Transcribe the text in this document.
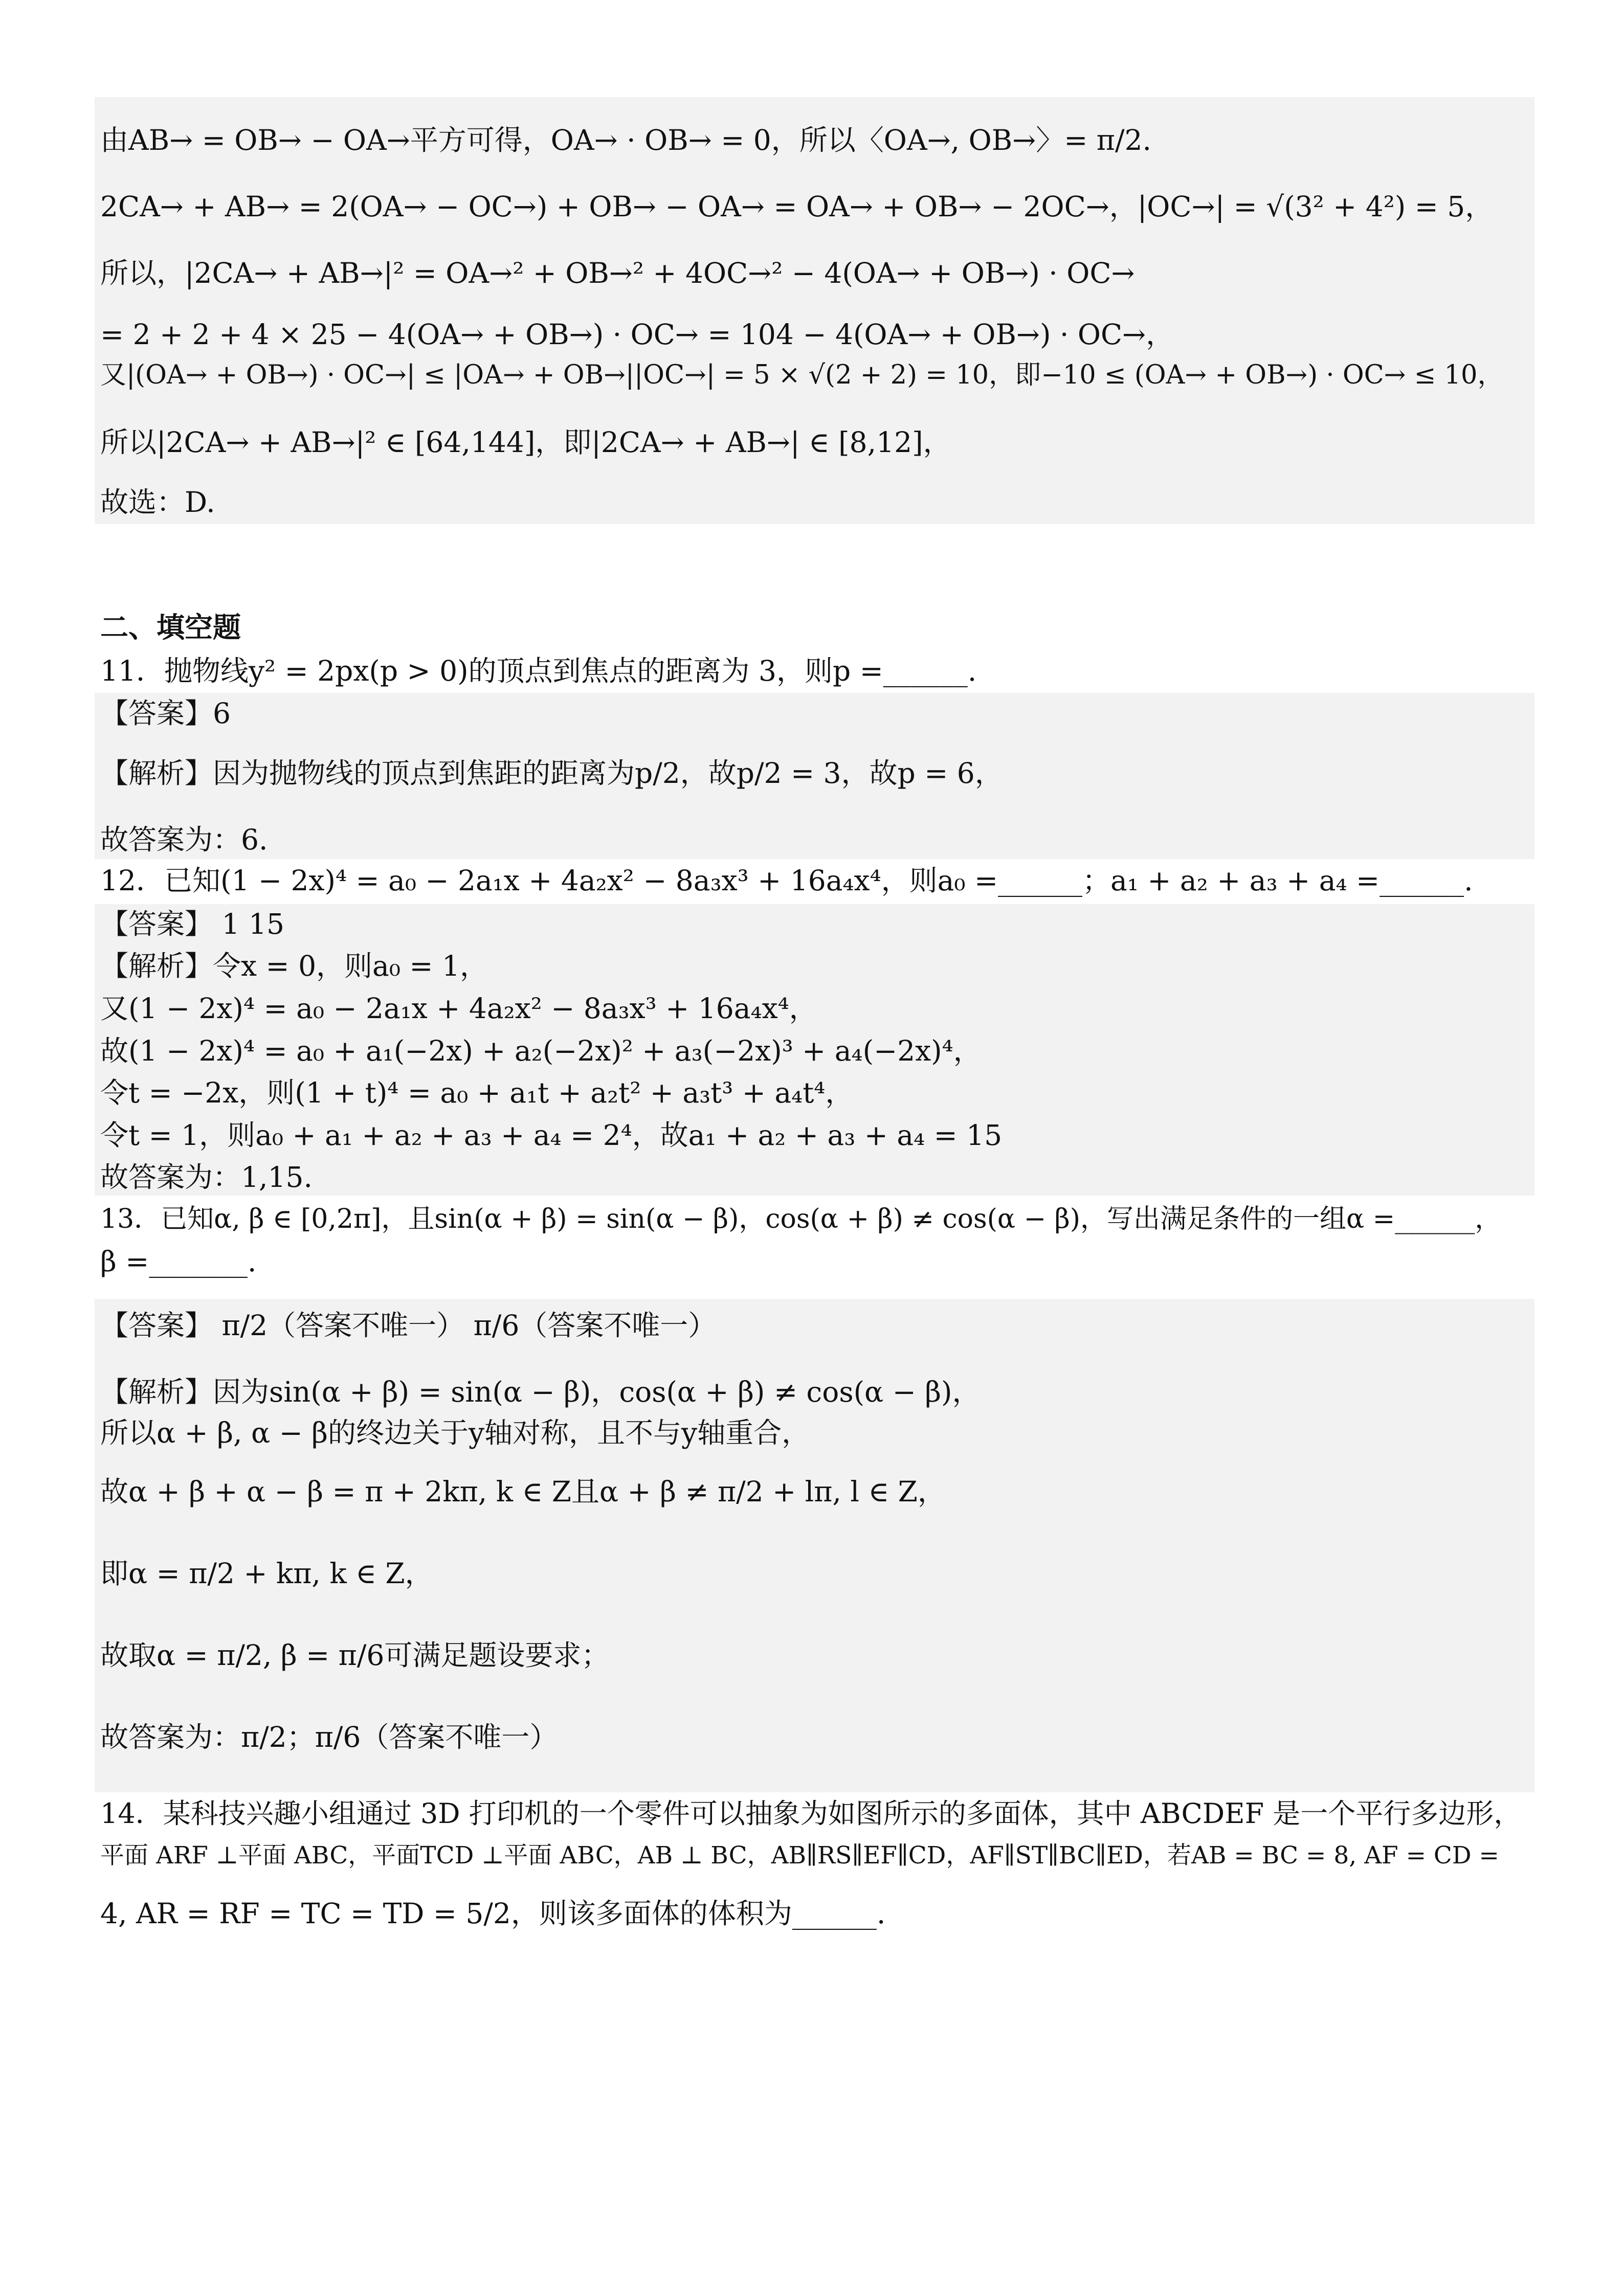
由AB→ = OB→ − OA→平方可得，OA→ · OB→ = 0，所以〈OA→, OB→〉= π/2.
2CA→ + AB→ = 2(OA→ − OC→) + OB→ − OA→ = OA→ + OB→ − 2OC→，|OC→| = √(3² + 4²) = 5，
所以，|2CA→ + AB→|² = OA→² + OB→² + 4OC→² − 4(OA→ + OB→) · OC→
= 2 + 2 + 4 × 25 − 4(OA→ + OB→) · OC→ = 104 − 4(OA→ + OB→) · OC→，
又|(OA→ + OB→) · OC→| ≤ |OA→ + OB→||OC→| = 5 × √(2 + 2) = 10，即−10 ≤ (OA→ + OB→) · OC→ ≤ 10，
所以|2CA→ + AB→|² ∈ [64,144]，即|2CA→ + AB→| ∈ [8,12]，
故选：D.
二、填空题
11．抛物线y² = 2px(p > 0)的顶点到焦点的距离为 3，则p =______.
【答案】6
【解析】因为抛物线的顶点到焦距的距离为p/2，故p/2 = 3，故p = 6，
故答案为：6.
12．已知(1 − 2x)⁴ = a₀ − 2a₁x + 4a₂x² − 8a₃x³ + 16a₄x⁴，则a₀ =______；a₁ + a₂ + a₃ + a₄ =______.
【答案】 1 15
【解析】令x = 0，则a₀ = 1，
又(1 − 2x)⁴ = a₀ − 2a₁x + 4a₂x² − 8a₃x³ + 16a₄x⁴，
故(1 − 2x)⁴ = a₀ + a₁(−2x) + a₂(−2x)² + a₃(−2x)³ + a₄(−2x)⁴，
令t = −2x，则(1 + t)⁴ = a₀ + a₁t + a₂t² + a₃t³ + a₄t⁴，
令t = 1，则a₀ + a₁ + a₂ + a₃ + a₄ = 2⁴，故a₁ + a₂ + a₃ + a₄ = 15
故答案为：1,15.
13．已知α, β ∈ [0,2π]，且sin(α + β) = sin(α − β)，cos(α + β) ≠ cos(α − β)，写出满足条件的一组α =______，
β =_______.
【答案】 π/2（答案不唯一） π/6（答案不唯一）
【解析】因为sin(α + β) = sin(α − β)，cos(α + β) ≠ cos(α − β)，
所以α + β, α − β的终边关于y轴对称，且不与y轴重合，
故α + β + α − β = π + 2kπ, k ∈ Z且α + β ≠ π/2 + lπ, l ∈ Z，
即α = π/2 + kπ, k ∈ Z，
故取α = π/2, β = π/6可满足题设要求；
故答案为：π/2；π/6（答案不唯一）
14．某科技兴趣小组通过 3D 打印机的一个零件可以抽象为如图所示的多面体，其中 ABCDEF 是一个平行多边形，
平面 ARF ⊥平面 ABC，平面TCD ⊥平面 ABC，AB ⊥ BC，AB∥RS∥EF∥CD，AF∥ST∥BC∥ED，若AB = BC = 8, AF = CD =
4, AR = RF = TC = TD = 5/2，则该多面体的体积为______.
